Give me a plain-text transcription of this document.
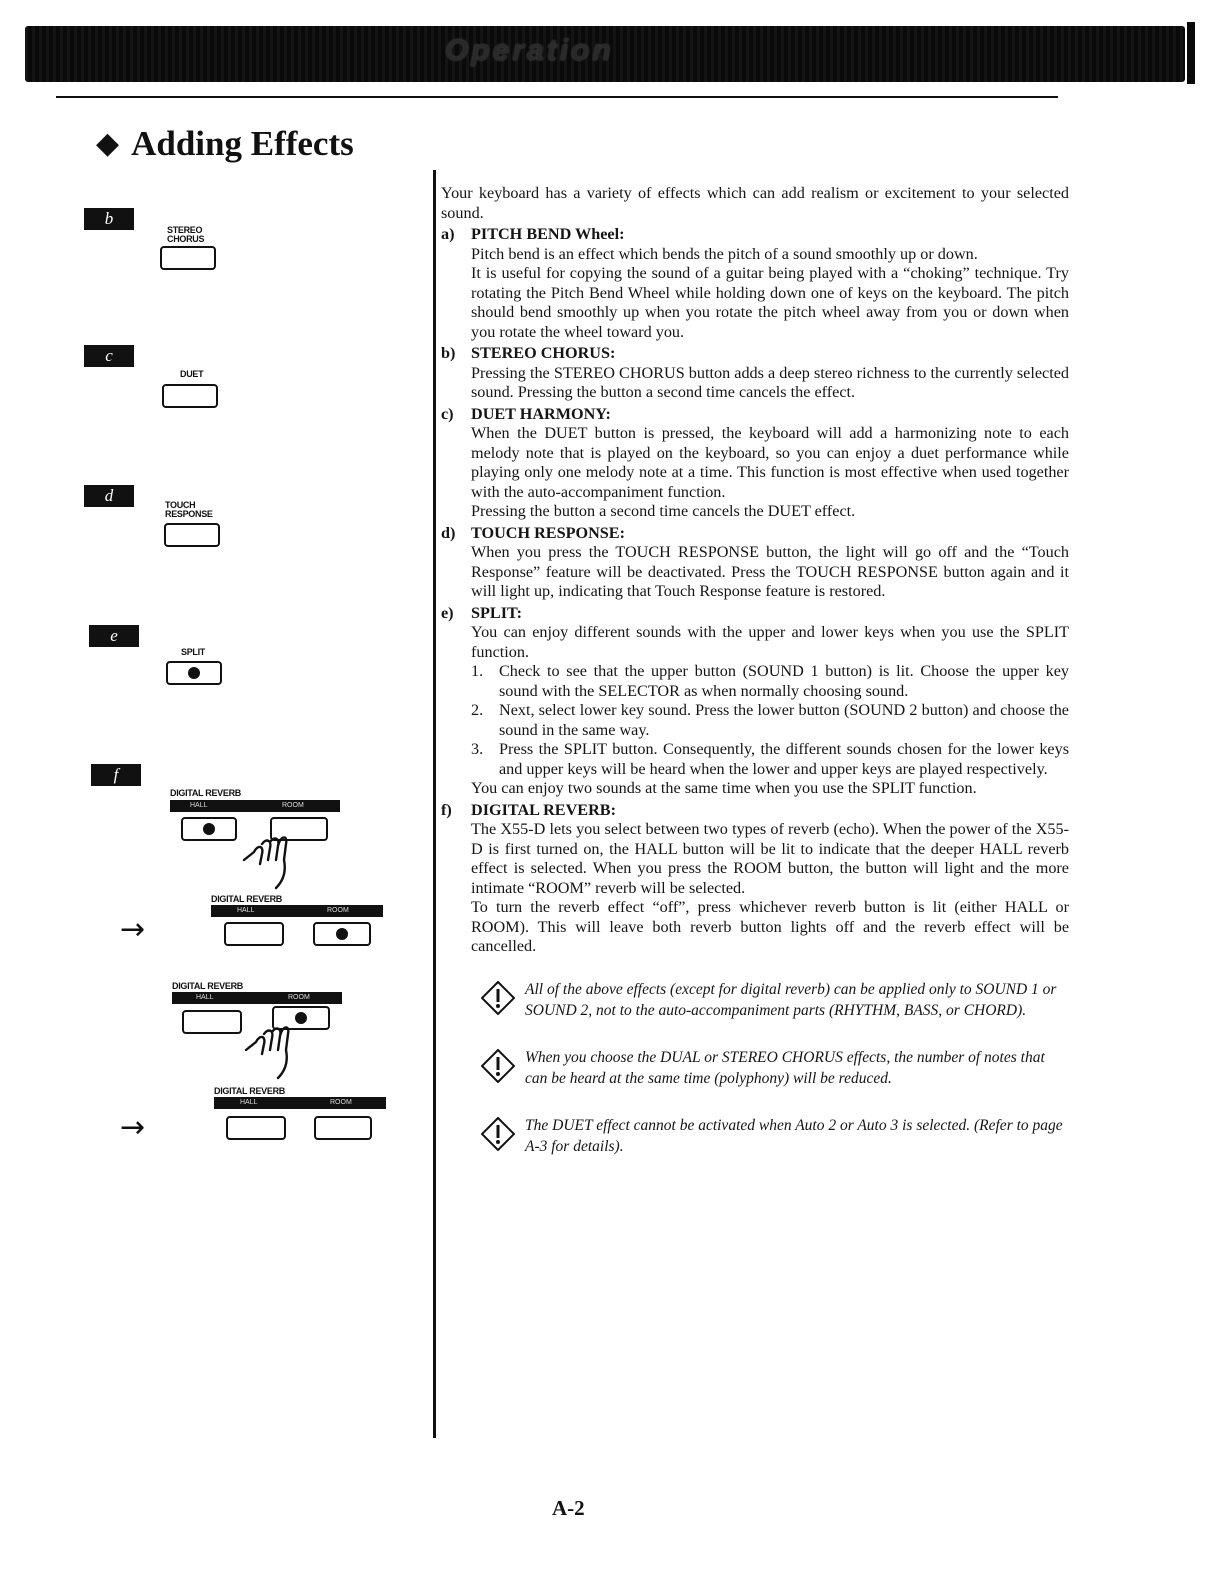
Operation
◆ Adding Effects
b
STEREO
CHORUS
c
DUET
d	TOUCH
RESPONSE
e
SPLIT
f
DIGITAL REVERB
HALL	ROOM
→
DIGITAL REVERB
HALL	ROOM
DIGITAL REVERB
HALL	ROOM
→
DIGITAL REVERB
HALL	ROOM

Your keyboard has a variety of effects which can add realism or excitement to your selected sound.

a) PITCH BEND Wheel:

Pitch bend is an effect which bends the pitch of a sound smoothly up or down.

It is useful for copying the sound of a guitar being played with a “choking” technique. Try rotating the Pitch Bend Wheel while holding down one of keys on the keyboard. The pitch should bend smoothly up when you rotate the pitch wheel away from you or down when you rotate the wheel toward you.

b) STEREO CHORUS:

Pressing the STEREO CHORUS button adds a deep stereo richness to the currently selected sound. Pressing the button a second time cancels the effect.

c) DUET HARMONY:

When the DUET button is pressed, the keyboard will add a harmonizing note to each melody note that is played on the keyboard, so you can enjoy a duet performance while playing only one melody note at a time. This function is most effective when used together with the auto-accompaniment function.

Pressing the button a second time cancels the DUET effect.

d) TOUCH RESPONSE:

When you press the TOUCH RESPONSE button, the light will go off and the “Touch Response” feature will be deactivated. Press the TOUCH RESPONSE button again and it will light up, indicating that Touch Response feature is restored.

e) SPLIT:

You can enjoy different sounds with the upper and lower keys when you use the SPLIT function.

1. Check to see that the upper button (SOUND 1 button) is lit. Choose the upper key sound with the SELECTOR as when normally choosing sound.
2. Next, select lower key sound. Press the lower button (SOUND 2 button) and choose the sound in the same way.
3. Press the SPLIT button. Consequently, the different sounds chosen for the lower keys and upper keys will be heard when the lower and upper keys are played respectively.

You can enjoy two sounds at the same time when you use the SPLIT function.

f) DIGITAL REVERB:

The X55-D lets you select between two types of reverb (echo). When the power of the X55-D is first turned on, the HALL button will be lit to indicate that the deeper HALL reverb effect is selected. When you press the ROOM button, the button will light and the more intimate “ROOM” reverb will be selected.

To turn the reverb effect “off”, press whichever reverb button is lit (either HALL or ROOM). This will leave both reverb button lights off and the reverb effect will be cancelled.

All of the above effects (except for digital reverb) can be applied only to SOUND 1 or SOUND 2, not to the auto-accompaniment parts (RHYTHM, BASS, or CHORD).
When you choose the DUAL or STEREO CHORUS effects, the number of notes that can be heard at the same time (polyphony) will be reduced.
The DUET effect cannot be activated when Auto 2 or Auto 3 is selected. (Refer to page A-3 for details).
A-2
